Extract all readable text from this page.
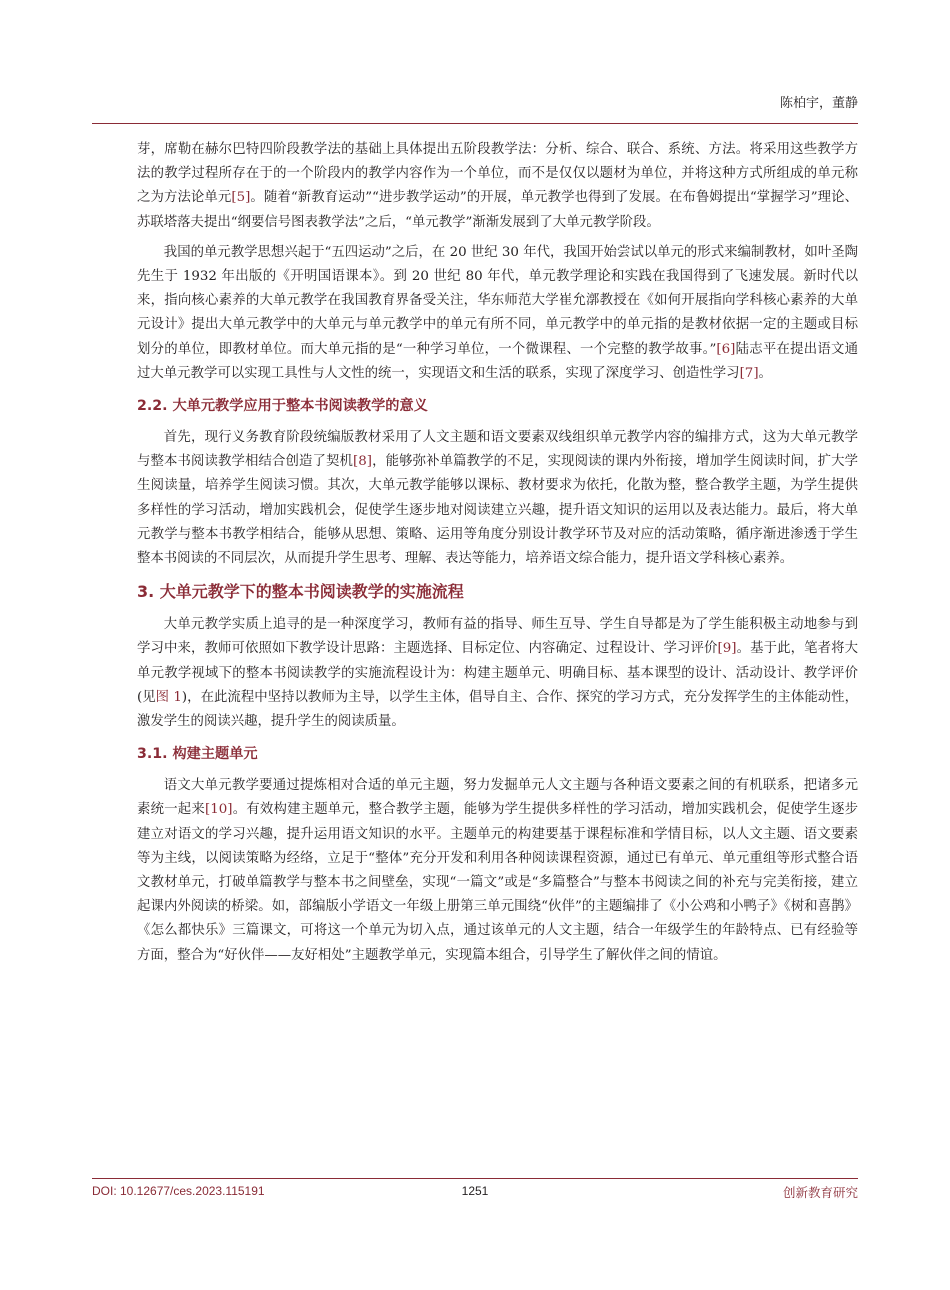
陈柏宇，董静

芽，席勒在赫尔巴特四阶段教学法的基础上具体提出五阶段教学法：分析、综合、联合、系统、方法。将采用这些教学方法的教学过程所存在于的一个阶段内的教学内容作为一个单位，而不是仅仅以题材为单位，并将这种方式所组成的单元称之为方法论单元[5]。随着“新教育运动”“进步教学运动”的开展，单元教学也得到了发展。在布鲁姆提出“掌握学习”理论、苏联塔落夫提出“纲要信号图表教学法”之后，“单元教学”渐渐发展到了大单元教学阶段。

我国的单元教学思想兴起于“五四运动”之后，在 20 世纪 30 年代，我国开始尝试以单元的形式来编制教材，如叶圣陶先生于 1932 年出版的《开明国语课本》。到 20 世纪 80 年代，单元教学理论和实践在我国得到了飞速发展。新时代以来，指向核心素养的大单元教学在我国教育界备受关注，华东师范大学崔允漷教授在《如何开展指向学科核心素养的大单元设计》提出大单元教学中的大单元与单元教学中的单元有所不同，单元教学中的单元指的是教材依据一定的主题或目标划分的单位，即教材单位。而大单元指的是“一种学习单位，一个微课程、一个完整的教学故事。”[6]陆志平在提出语文通过大单元教学可以实现工具性与人文性的统一，实现语文和生活的联系，实现了深度学习、创造性学习[7]。

2.2. 大单元教学应用于整本书阅读教学的意义

首先，现行义务教育阶段统编版教材采用了人文主题和语文要素双线组织单元教学内容的编排方式，这为大单元教学与整本书阅读教学相结合创造了契机[8]，能够弥补单篇教学的不足，实现阅读的课内外衔接，增加学生阅读时间，扩大学生阅读量，培养学生阅读习惯。其次，大单元教学能够以课标、教材要求为依托，化散为整，整合教学主题，为学生提供多样性的学习活动，增加实践机会，促使学生逐步地对阅读建立兴趣，提升语文知识的运用以及表达能力。最后，将大单元教学与整本书教学相结合，能够从思想、策略、运用等角度分别设计教学环节及对应的活动策略，循序渐进渗透于学生整本书阅读的不同层次，从而提升学生思考、理解、表达等能力，培养语文综合能力，提升语文学科核心素养。

3. 大单元教学下的整本书阅读教学的实施流程

大单元教学实质上追寻的是一种深度学习，教师有益的指导、师生互导、学生自导都是为了学生能积极主动地参与到学习中来，教师可依照如下教学设计思路：主题选择、目标定位、内容确定、过程设计、学习评价[9]。基于此，笔者将大单元教学视域下的整本书阅读教学的实施流程设计为：构建主题单元、明确目标、基本课型的设计、活动设计、教学评价(见图 1)，在此流程中坚持以教师为主导，以学生主体，倡导自主、合作、探究的学习方式，充分发挥学生的主体能动性，激发学生的阅读兴趣，提升学生的阅读质量。

3.1. 构建主题单元

语文大单元教学要通过提炼相对合适的单元主题，努力发掘单元人文主题与各种语文要素之间的有机联系，把诸多元素统一起来[10]。有效构建主题单元，整合教学主题，能够为学生提供多样性的学习活动，增加实践机会，促使学生逐步建立对语文的学习兴趣，提升运用语文知识的水平。主题单元的构建要基于课程标准和学情目标，以人文主题、语文要素等为主线，以阅读策略为经络，立足于“整体”充分开发和利用各种阅读课程资源，通过已有单元、单元重组等形式整合语文教材单元，打破单篇教学与整本书之间壁垒，实现“一篇文”或是“多篇整合”与整本书阅读之间的补充与完美衔接，建立起课内外阅读的桥梁。如，部编版小学语文一年级上册第三单元围绕“伙伴”的主题编排了《小公鸡和小鸭子》《树和喜鹊》《怎么都快乐》三篇课文，可将这一个单元为切入点，通过该单元的人文主题，结合一年级学生的年龄特点、已有经验等方面，整合为“好伙伴——友好相处”主题教学单元，实现篇本组合，引导学生了解伙伴之间的情谊。

DOI: 10.12677/ces.2023.115191	1251	创新教育研究
